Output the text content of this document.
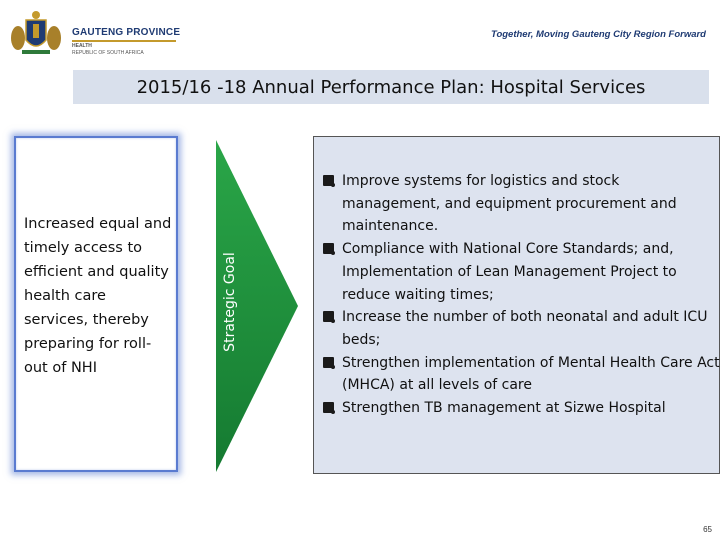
GAUTENG PROVINCE
HEALTH
REPUBLIC OF SOUTH AFRICA
Together, Moving Gauteng City Region Forward
2015/16 -18 Annual Performance Plan: Hospital Services
Increased equal and timely access to efficient and quality health care services, thereby preparing for roll-out of NHI
Strategic Goal
Improve systems for logistics and stock management, and equipment procurement and maintenance.
Compliance with National Core Standards; and, Implementation of Lean Management Project to reduce waiting times;
Increase the number of both neonatal and adult ICU beds;
Strengthen implementation of Mental Health Care Act (MHCA) at all levels of care
Strengthen TB management at Sizwe Hospital
65
